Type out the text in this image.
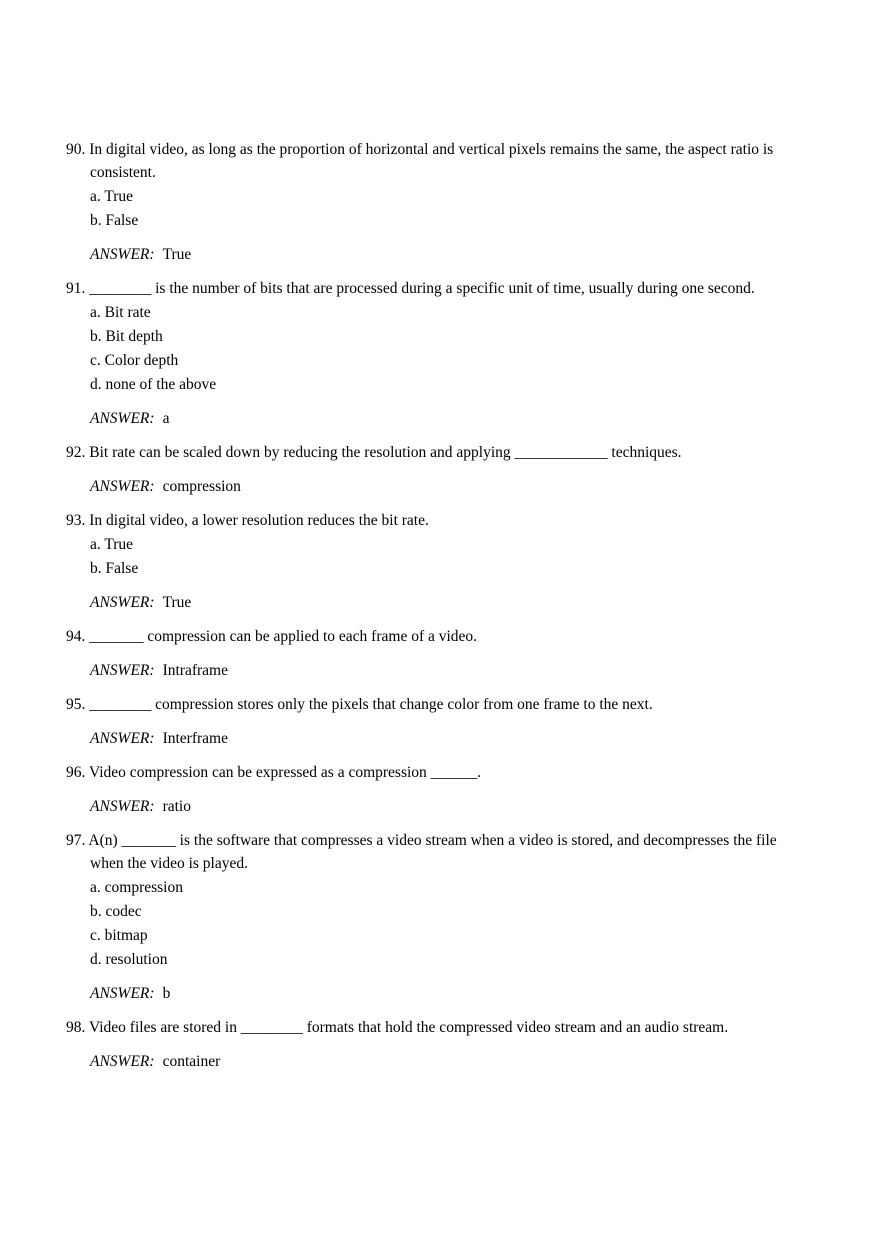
90. In digital video, as long as the proportion of horizontal and vertical pixels remains the same, the aspect ratio is consistent.
a. True
b. False
ANSWER: True
91. ________ is the number of bits that are processed during a specific unit of time, usually during one second.
a. Bit rate
b. Bit depth
c. Color depth
d. none of the above
ANSWER: a
92. Bit rate can be scaled down by reducing the resolution and applying ____________ techniques.
ANSWER: compression
93. In digital video, a lower resolution reduces the bit rate.
a. True
b. False
ANSWER: True
94. _______ compression can be applied to each frame of a video.
ANSWER: Intraframe
95. ________ compression stores only the pixels that change color from one frame to the next.
ANSWER: Interframe
96. Video compression can be expressed as a compression ______.
ANSWER: ratio
97. A(n) _______ is the software that compresses a video stream when a video is stored, and decompresses the file when the video is played.
a. compression
b. codec
c. bitmap
d. resolution
ANSWER: b
98. Video files are stored in ________ formats that hold the compressed video stream and an audio stream.
ANSWER: container
